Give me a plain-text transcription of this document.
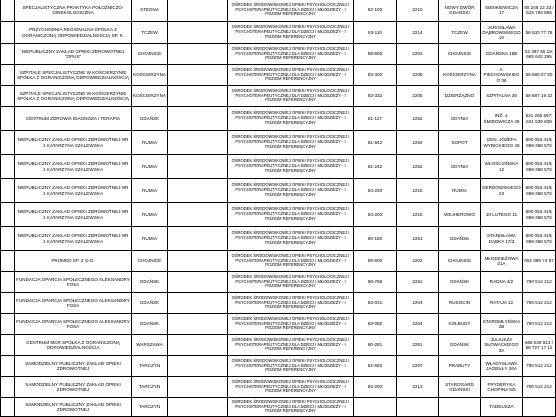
	SPECJALISTYCZNA PRAKTYKA POŁOŻNICZO-GINEKOLOGICZNA	STEGNA		OŚRODEK ŚRODOWISKOWEJ OPIEKI PSYCHOLOGICZNEJ I PSYCHOTERAPEUTYCZNEJ DLA DZIECI I MŁODZIEŻY - I POZIOM REFERENCYJNY	82-100	2210	NOWY DWÓR GDAŃSKI	SIENKIEWICZA 17	55 246 22 33 / 515 760 855
	PRZYCHODNIA REGIONALNA SPÓŁKA Z OGRANICZONĄ ODPOWIEDZIALNOŚCIĄ SP. K.	TCZEW		OŚRODEK ŚRODOWISKOWEJ OPIEKI PSYCHOLOGICZNEJ I PSYCHOTERAPEUTYCZNEJ DLA DZIECI I MŁODZIEŻY - I POZIOM REFERENCYJNY	83-110	2214	TCZEW	JAROSŁAWA DĄBROWSKIEGO 10	58 530 77 78
	NIEPUBLICZNY ZAKŁAD OPIEKI ZDROWOTNEJ "OPUS"	CHOJNICE		OŚRODEK ŚRODOWISKOWEJ OPIEKI PSYCHOLOGICZNEJ I PSYCHOTERAPEUTYCZNEJ DLA DZIECI I MŁODZIEŻY - I POZIOM REFERENCYJNY	89-600	2202	CHOJNICE	GDAŃSKA 15B	52 397 55 19; 665 642 295
	SZPITALE SPECJALISTYCZNE W KOŚCIERZYNIE SPÓŁKA Z OGRANICZONĄ ODPOWIEDZIALNOŚCIĄ	KOŚCIERZYNA		OŚRODEK ŚRODOWISKOWEJ OPIEKI PSYCHOLOGICZNEJ I PSYCHOTERAPEUTYCZNEJ DLA DZIECI I MŁODZIEŻY - I POZIOM REFERENCYJNY	83-400	2206	KOŚCIERZYNA	A. PIECHOWSKIEGO 36	58 686 07 80
	SZPITALE SPECJALISTYCZNE W KOŚCIERZYNIE SPÓŁKA Z OGRANICZONĄ ODPOWIEDZIALNOŚCIĄ	KOŚCIERZYNA		OŚRODEK ŚRODOWISKOWEJ OPIEKI PSYCHOLOGICZNEJ I PSYCHOTERAPEUTYCZNEJ DLA DZIECI I MŁODZIEŻY - I POZIOM REFERENCYJNY	83-332	2205	DZIERŻĄŻNO	SZPITALNA 36	58 687 19 32
	CENTRUM ZDROWIA DIAGNOZA I TERAPIA	GDAŃSK		OŚRODEK ŚRODOWISKOWEJ OPIEKI PSYCHOLOGICZNEJ I PSYCHOTERAPEUTYCZNEJ DLA DZIECI I MŁODZIEŻY - I POZIOM REFERENCYJNY	81-127	2262	GDYNIA	INŻ. J. ŚMIDOWICZA 49	531 255 697; 531 539 839
	NIEPUBLICZNY ZAKŁAD OPIEKI ZDROWOTNEJ NR 1 KATARZYNA SZALEWSKA	RUMIA		OŚRODEK ŚRODOWISKOWEJ OPIEKI PSYCHOLOGICZNEJ I PSYCHOTERAPEUTYCZNEJ DLA DZIECI I MŁODZIEŻY - I POZIOM REFERENCYJNY	81-842	2264	SOPOT	GEN. JÓZEFA WYBICKIEGO 48	600 053 419; 698 358 576
	NIEPUBLICZNY ZAKŁAD OPIEKI ZDROWOTNEJ NR 1 KATARZYNA SZALEWSKA	RUMIA		OŚRODEK ŚRODOWISKOWEJ OPIEKI PSYCHOLOGICZNEJ I PSYCHOTERAPEUTYCZNEJ DLA DZIECI I MŁODZIEŻY - I POZIOM REFERENCYJNY	81-242	2262	GDYNIA	WŁOŚCIAŃSKA 12	600 053 419; 698 358 576
	NIEPUBLICZNY ZAKŁAD OPIEKI ZDROWOTNEJ NR 1 KATARZYNA SZALEWSKA	RUMIA		OŚRODEK ŚRODOWISKOWEJ OPIEKI PSYCHOLOGICZNEJ I PSYCHOTERAPEUTYCZNEJ DLA DZIECI I MŁODZIEŻY - I POZIOM REFERENCYJNY	84-230	2215	RUMIA	DERDOWSKIEGO 23	600 053 419; 698 358 576
	NIEPUBLICZNY ZAKŁAD OPIEKI ZDROWOTNEJ NR 1 KATARZYNA SZALEWSKA	RUMIA		OŚRODEK ŚRODOWISKOWEJ OPIEKI PSYCHOLOGICZNEJ I PSYCHOTERAPEUTYCZNEJ DLA DZIECI I MŁODZIEŻY - I POZIOM REFERENCYJNY	84-200	2215	WEJHEROWO	10 LUTEGO 11	600 053 419; 698 358 576
	NIEPUBLICZNY ZAKŁAD OPIEKI ZDROWOTNEJ NR 1 KATARZYNA SZALEWSKA	RUMIA		OŚRODEK ŚRODOWISKOWEJ OPIEKI PSYCHOLOGICZNEJ I PSYCHOTERAPEUTYCZNEJ DLA DZIECI I MŁODZIEŻY - I POZIOM REFERENCYJNY	80-180	2261	GDAŃSK	STANISŁAWA DĄBKA 17/3	600 053 419; 698 358 576
	PROMED SP. Z O.O.	CHOJNICE		OŚRODEK ŚRODOWISKOWEJ OPIEKI PSYCHOLOGICZNEJ I PSYCHOTERAPEUTYCZNEJ DLA DZIECI I MŁODZIEŻY - I POZIOM REFERENCYJNY	89-600	2202	CHOJNICE	MŁODZIEŻOWA 21A	052 396 74 87
	FUNDACJA OPARCIA SPOŁECZNEGO ALEKSANDRY FOSA	GDAŃSK		OŚRODEK ŚRODOWISKOWEJ OPIEKI PSYCHOLOGICZNEJ I PSYCHOTERAPEUTYCZNEJ DLA DZIECI I MŁODZIEŻY - I POZIOM REFERENCYJNY	80-768	2261	GDAŃSK	RADNA 3/2	790 512 212
	FUNDACJA OPARCIA SPOŁECZNEGO ALEKSANDRY FOSA	GDAŃSK		OŚRODEK ŚRODOWISKOWEJ OPIEKI PSYCHOLOGICZNEJ I PSYCHOTERAPEUTYCZNEJ DLA DZIECI I MŁODZIEŻY - I POZIOM REFERENCYJNY	83-031	2204	RUSOCIN	RATAJA 12	790 512 212
	FUNDACJA OPARCIA SPOŁECZNEGO ALEKSANDRY FOSA	GDAŃSK		OŚRODEK ŚRODOWISKOWEJ OPIEKI PSYCHOLOGICZNEJ I PSYCHOTERAPEUTYCZNEJ DLA DZIECI I MŁODZIEŻY - I POZIOM REFERENCYJNY	83-050	2204	KOLBUDY	STAROMŁYŃSKA 2B	790 512 212
	CENTRUM MCR SPÓŁKA Z OGRANICZONĄ ODPOWIEDZIALNOŚCIĄ	WARSZAWA		OŚRODEK ŚRODOWISKOWEJ OPIEKI PSYCHOLOGICZNEJ I PSYCHOTERAPEUTYCZNEJ DLA DZIECI I MŁODZIEŻY - I POZIOM REFERENCYJNY	80-281	2261	GDAŃSK	JULIUSZA SŁOWACKIEGO 3A	668 539 813 / 58 727 17 12
	SAMODZIELNY PUBLICZNY ZAKŁAD OPIEKI ZDROWOTNEJ	TARCZYN		OŚRODEK ŚRODOWISKOWEJ OPIEKI PSYCHOLOGICZNEJ I PSYCHOTERAPEUTYCZNEJ DLA DZIECI I MŁODZIEŻY - I POZIOM REFERENCYJNY	82-550	2207	PRABUTY	WŁADYSŁAWA JAGIEŁŁY 26A	790 512 212
	SAMODZIELNY PUBLICZNY ZAKŁAD OPIEKI ZDROWOTNEJ	TARCZYN		OŚRODEK ŚRODOWISKOWEJ OPIEKI PSYCHOLOGICZNEJ I PSYCHOTERAPEUTYCZNEJ DLA DZIECI I MŁODZIEŻY - I POZIOM REFERENCYJNY	83-200	2213	STAROGARD GDAŃSKI	FRYDERYKA CHOPINA 6/5	790 512 212
	SAMODZIELNY PUBLICZNY ZAKŁAD OPIEKI ZDROWOTNEJ	TARCZYN		OŚRODEK ŚRODOWISKOWEJ OPIEKI PSYCHOLOGICZNEJ I PSYCHOTERAPEUTYCZNEJ DLA DZIECI I MŁODZIEŻY - I POZIOM REFERENCYJNY				TADEUSZA	
